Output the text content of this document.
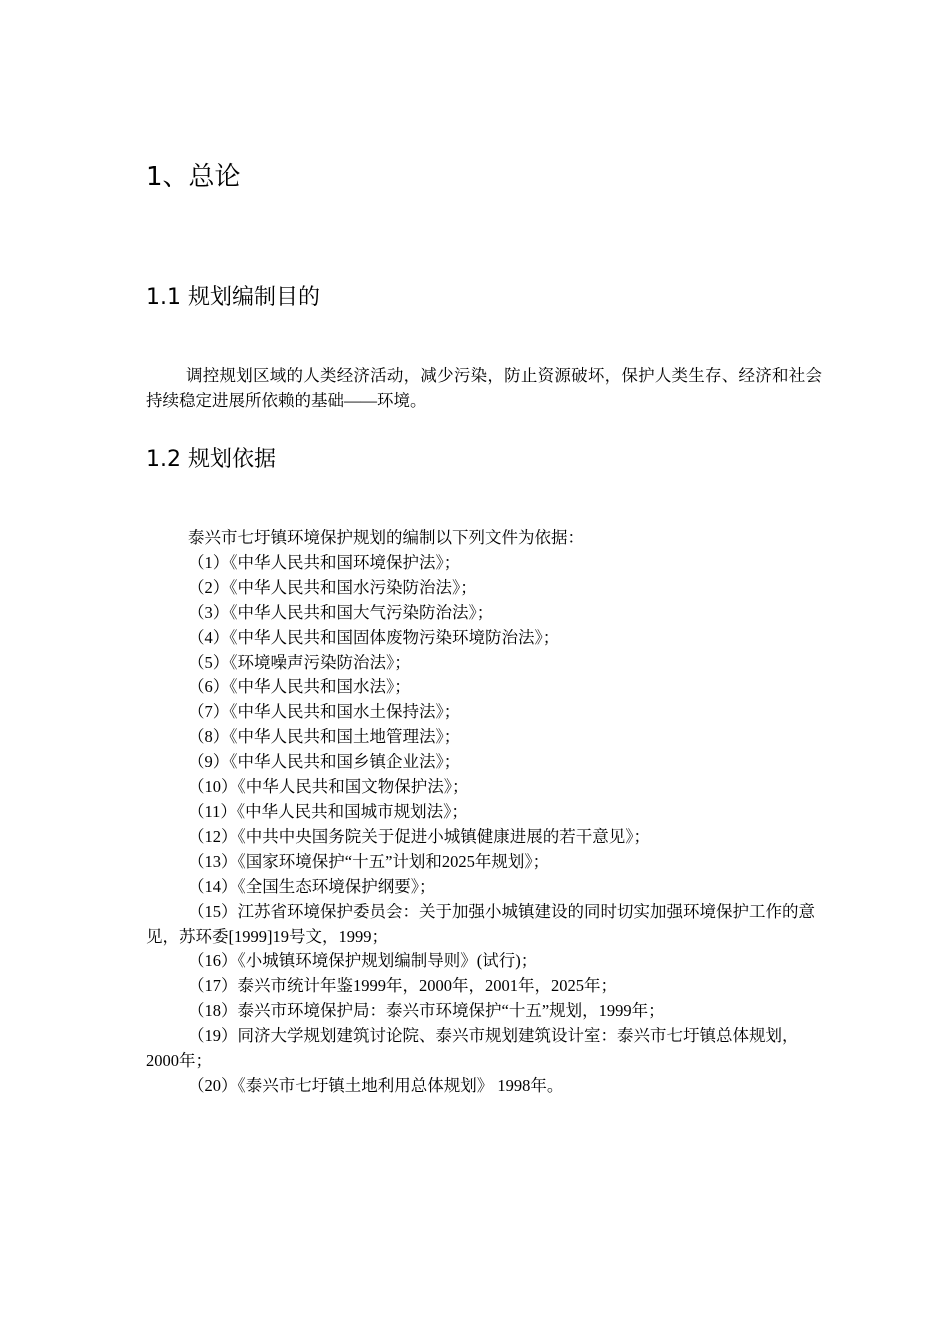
1、总论
1.1 规划编制目的
调控规划区域的人类经济活动，减少污染，防止资源破坏，保护人类生存、经济和社会持续稳定进展所依赖的基础——环境。
1.2 规划依据
泰兴市七圩镇环境保护规划的编制以下列文件为依据：
（1）《中华人民共和国环境保护法》；
（2）《中华人民共和国水污染防治法》；
（3）《中华人民共和国大气污染防治法》；
（4）《中华人民共和国固体废物污染环境防治法》；
（5）《环境噪声污染防治法》；
（6）《中华人民共和国水法》；
（7）《中华人民共和国水土保持法》；
（8）《中华人民共和国土地管理法》；
（9）《中华人民共和国乡镇企业法》；
（10）《中华人民共和国文物保护法》；
（11）《中华人民共和国城市规划法》；
（12）《中共中央国务院关于促进小城镇健康进展的若干意见》；
（13）《国家环境保护“十五”计划和2025年规划》；
（14）《全国生态环境保护纲要》；
（15）江苏省环境保护委员会：关于加强小城镇建设的同时切实加强环境保护工作的意见，苏环委[1999]19号文，1999；
（16）《小城镇环境保护规划编制导则》(试行)；
（17）泰兴市统计年鉴1999年，2000年，2001年，2025年；
（18）泰兴市环境保护局：泰兴市环境保护“十五”规划，1999年；
（19）同济大学规划建筑讨论院、泰兴市规划建筑设计室：泰兴市七圩镇总体规划，2000年；
（20）《泰兴市七圩镇土地利用总体规划》 1998年。
